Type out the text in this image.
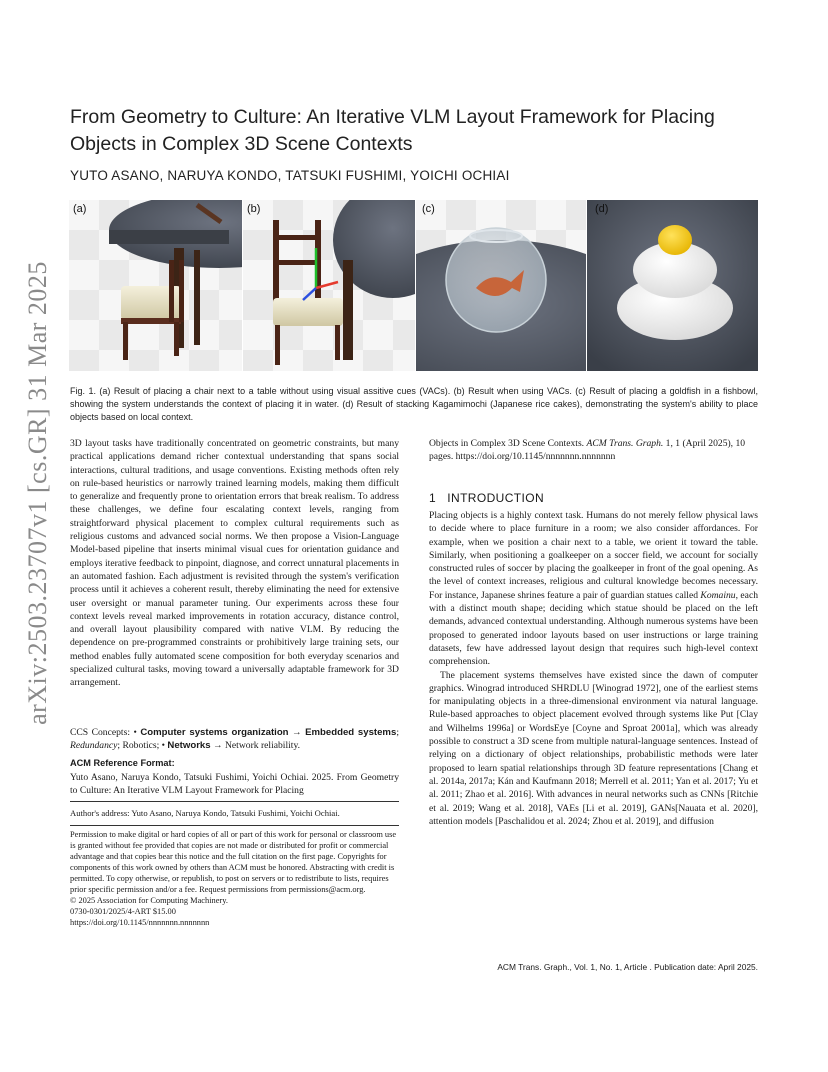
From Geometry to Culture: An Iterative VLM Layout Framework for Placing Objects in Complex 3D Scene Contexts
YUTO ASANO, NARUYA KONDO, TATSUKI FUSHIMI, YOICHI OCHIAI
arXiv:2503.23707v1 [cs.GR] 31 Mar 2025
(a)	(b)	(c)	(d)
Fig. 1. (a) Result of placing a chair next to a table without using visual assitive cues (VACs). (b) Result when using VACs. (c) Result of placing a goldfish in a fishbowl, showing the system understands the context of placing it in water. (d) Result of stacking Kagamimochi (Japanese rice cakes), demonstrating the system's ability to place objects based on local context.
3D layout tasks have traditionally concentrated on geometric constraints, but many practical applications demand richer contextual understanding that spans social interactions, cultural traditions, and usage conventions. Existing methods often rely on rule-based heuristics or narrowly trained learning models, making them difficult to generalize and frequently prone to orientation errors that break realism. To address these challenges, we define four escalating context levels, ranging from straightforward physical placement to complex cultural requirements such as religious customs and advanced social norms. We then propose a Vision-Language Model-based pipeline that inserts minimal visual cues for orientation guidance and employs iterative feedback to pinpoint, diagnose, and correct unnatural placements in an automated fashion. Each adjustment is revisited through the system's verification process until it achieves a coherent result, thereby eliminating the need for extensive user oversight or manual parameter tuning. Our experiments across these four context levels reveal marked improvements in rotation accuracy, distance control, and overall layout plausibility compared with native VLM. By reducing the dependence on pre-programmed constraints or prohibitively large training sets, our method enables fully automated scene composition for both everyday scenarios and specialized cultural tasks, moving toward a universally adaptable framework for 3D arrangement.
CCS Concepts: • Computer systems organization → Embedded systems; Redundancy; Robotics; • Networks → Network reliability.
ACM Reference Format:
Yuto Asano, Naruya Kondo, Tatsuki Fushimi, Yoichi Ochiai. 2025. From Geometry to Culture: An Iterative VLM Layout Framework for Placing
Author's address: Yuto Asano, Naruya Kondo, Tatsuki Fushimi, Yoichi Ochiai.
Permission to make digital or hard copies of all or part of this work for personal or classroom use is granted without fee provided that copies are not made or distributed for profit or commercial advantage and that copies bear this notice and the full citation on the first page. Copyrights for components of this work owned by others than ACM must be honored. Abstracting with credit is permitted. To copy otherwise, or republish, to post on servers or to redistribute to lists, requires prior specific permission and/or a fee. Request permissions from permissions@acm.org.
© 2025 Association for Computing Machinery.
0730-0301/2025/4-ART $15.00
https://doi.org/10.1145/nnnnnnn.nnnnnnn
Objects in Complex 3D Scene Contexts. ACM Trans. Graph. 1, 1 (April 2025), 10 pages. https://doi.org/10.1145/nnnnnnn.nnnnnnn
1 INTRODUCTION

Placing objects is a highly context task. Humans do not merely fellow physical laws to decide where to place furniture in a room; we also consider affordances. For example, when we position a chair next to a table, we orient it toward the table. Similarly, when positioning a goalkeeper on a soccer field, we account for socially constructed rules of soccer by placing the goalkeeper in front of the goal opening. As the level of context increases, religious and cultural knowledge becomes necessary. For instance, Japanese shrines feature a pair of guardian statues called Komainu, each with a distinct mouth shape; deciding which statue should be placed on the left demands, advanced contextual understanding. Although numerous systems have been proposed to generated indoor layouts based on user instructions or large training datasets, few have addressed layout design that requires such high-level context comprehension.

The placement systems themselves have existed since the dawn of computer graphics. Winograd introduced SHRDLU [Winograd 1972], one of the earliest stems for manipulating objects in a three-dimensional environment via natural language. Rule-based approaches to object placement evolved through systems like Put [Clay and Wilhelms 1996a] or WordsEye [Coyne and Sproat 2001a], which was already possible to construct a 3D scene from multiple natural-language sentences. Instead of relying on a dictionary of object relationships, probabilistic methods were later proposed to learn spatial relationships through 3D feature representations [Chang et al. 2014a, 2017a; Kán and Kaufmann 2018; Merrell et al. 2011; Yan et al. 2017; Yu et al. 2011; Zhao et al. 2016]. With advances in neural networks such as CNNs [Ritchie et al. 2019; Wang et al. 2018], VAEs [Li et al. 2019], GANs[Nauata et al. 2020], attention models [Paschalidou et al. 2024; Zhou et al. 2019], and diffusion

ACM Trans. Graph., Vol. 1, No. 1, Article . Publication date: April 2025.
